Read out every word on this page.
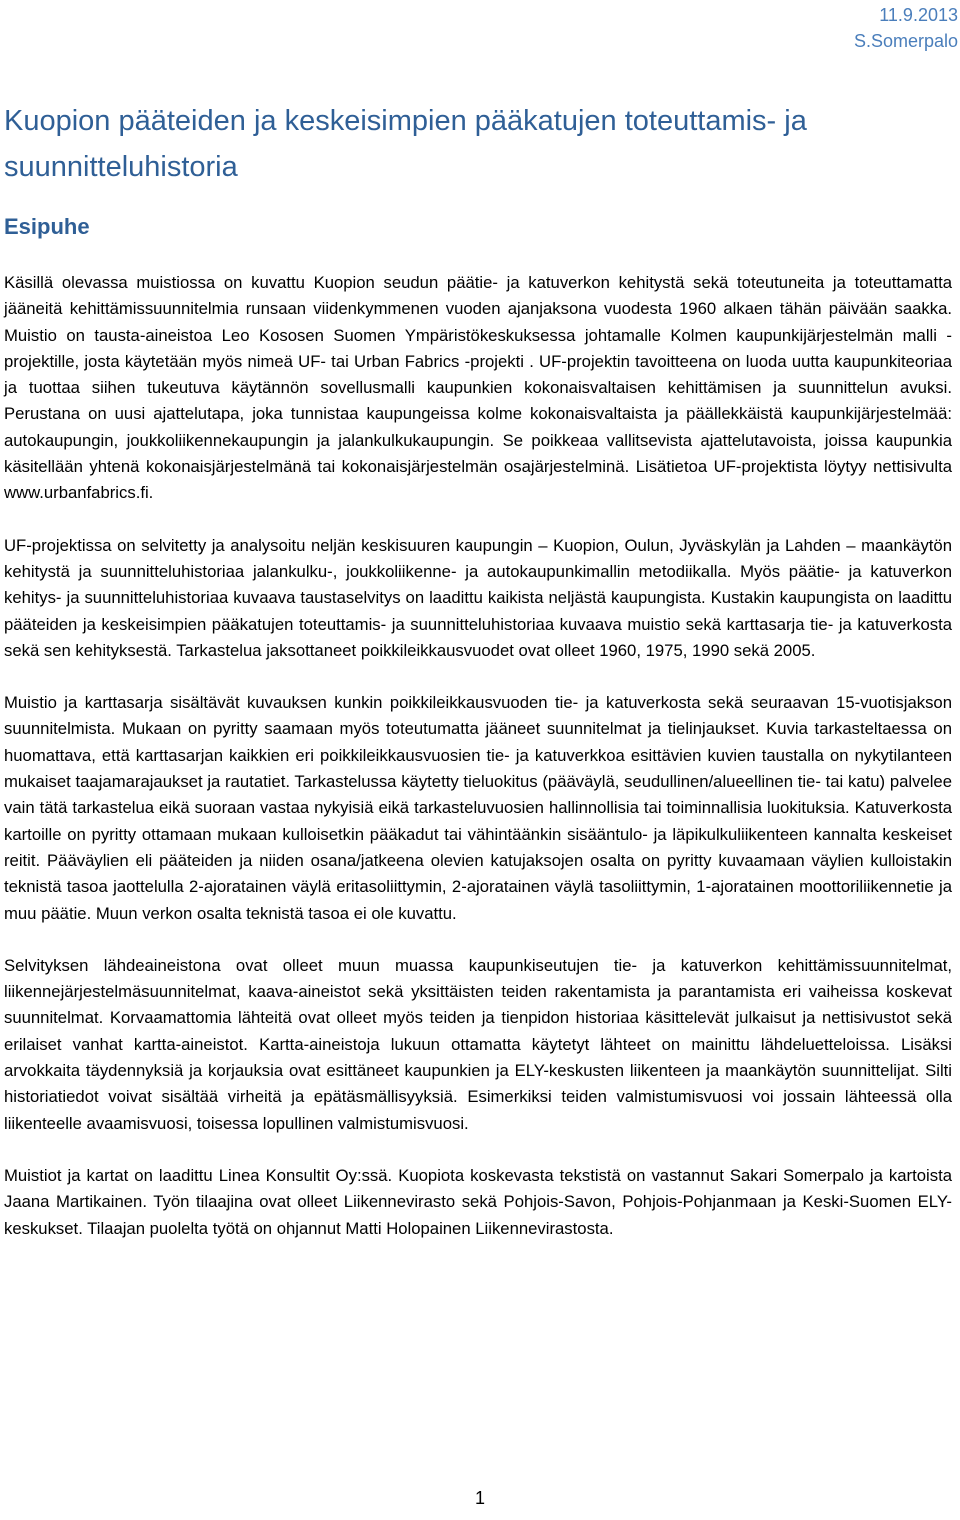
11.9.2013
S.Somerpalo
Kuopion pääteiden ja keskeisimpien pääkatujen toteuttamis- ja suunnitteluhistoria
Esipuhe

Käsillä olevassa muistiossa on kuvattu Kuopion seudun päätie- ja katuverkon kehitystä sekä toteutuneita ja toteuttamatta jääneitä kehittämissuunnitelmia runsaan viidenkymmenen vuoden ajanjaksona vuodesta 1960 alkaen tähän päivään saakka. Muistio on tausta-aineistoa Leo Kososen Suomen Ympäristökeskuksessa johtamalle Kolmen kaupunkijärjestelmän malli -projektille, josta käytetään myös nimeä UF- tai Urban Fabrics -projekti . UF-projektin tavoitteena on luoda uutta kaupunkiteoriaa ja tuottaa siihen tukeutuva käytännön sovellusmalli kaupunkien kokonaisvaltaisen kehittämisen ja suunnittelun avuksi. Perustana on uusi ajattelutapa, joka tunnistaa kaupungeissa kolme kokonaisvaltaista ja päällekkäistä kaupunkijärjestelmää: autokaupungin, joukkoliikennekaupungin ja jalankulkukaupungin. Se poikkeaa vallitsevista ajattelutavoista, joissa kaupunkia käsitellään yhtenä kokonaisjärjestelmänä tai kokonaisjärjestelmän osajärjestelminä. Lisätietoa UF-projektista löytyy nettisivulta www.urbanfabrics.fi.

UF-projektissa on selvitetty ja analysoitu neljän keskisuuren kaupungin – Kuopion, Oulun, Jyväskylän ja Lahden – maankäytön kehitystä ja suunnitteluhistoriaa jalankulku-, joukkoliikenne- ja autokaupunkimallin metodiikalla. Myös päätie- ja katuverkon kehitys- ja suunnitteluhistoriaa kuvaava taustaselvitys on laadittu kaikista neljästä kaupungista. Kustakin kaupungista on laadittu pääteiden ja keskeisimpien pääkatujen toteuttamis- ja suunnitteluhistoriaa kuvaava muistio sekä karttasarja tie- ja katuverkosta sekä sen kehityksestä. Tarkastelua jaksottaneet poikkileikkausvuodet ovat olleet 1960, 1975, 1990 sekä 2005.

Muistio ja karttasarja sisältävät kuvauksen kunkin poikkileikkausvuoden tie- ja katuverkosta sekä seuraavan 15-vuotisjakson suunnitelmista. Mukaan on pyritty saamaan myös toteutumatta jääneet suunnitelmat ja tielinjaukset. Kuvia tarkasteltaessa on huomattava, että karttasarjan kaikkien eri poikkileikkausvuosien tie- ja katuverkkoa esittävien kuvien taustalla on nykytilanteen mukaiset taajamarajaukset ja rautatiet. Tarkastelussa käytetty tieluokitus (pääväylä, seudullinen/alueellinen tie- tai katu) palvelee vain tätä tarkastelua eikä suoraan vastaa nykyisiä eikä tarkasteluvuosien hallinnollisia tai toiminnallisia luokituksia. Katuverkosta kartoille on pyritty ottamaan mukaan kulloisetkin pääkadut tai vähintäänkin sisääntulo- ja läpikulkuliikenteen kannalta keskeiset reitit. Pääväylien eli pääteiden ja niiden osana/jatkeena olevien katujaksojen osalta on pyritty kuvaamaan väylien kulloistakin teknistä tasoa jaottelulla 2-ajoratainen väylä eritasoliittymin, 2-ajoratainen väylä tasoliittymin, 1-ajoratainen moottoriliikennetie ja muu päätie. Muun verkon osalta teknistä tasoa ei ole kuvattu.

Selvityksen lähdeaineistona ovat olleet muun muassa kaupunkiseutujen tie- ja katuverkon kehittämissuunnitelmat, liikennejärjestelmäsuunnitelmat, kaava-aineistot sekä yksittäisten teiden rakentamista ja parantamista eri vaiheissa koskevat suunnitelmat. Korvaamattomia lähteitä ovat olleet myös teiden ja tienpidon historiaa käsittelevät julkaisut ja nettisivustot sekä erilaiset vanhat kartta-aineistot. Kartta-aineistoja lukuun ottamatta käytetyt lähteet on mainittu lähdeluetteloissa. Lisäksi arvokkaita täydennyksiä ja korjauksia ovat esittäneet kaupunkien ja ELY-keskusten liikenteen ja maankäytön suunnittelijat. Silti historiatiedot voivat sisältää virheitä ja epätäsmällisyyksiä. Esimerkiksi teiden valmistumisvuosi voi jossain lähteessä olla liikenteelle avaamisvuosi, toisessa lopullinen valmistumisvuosi.

Muistiot ja kartat on laadittu Linea Konsultit Oy:ssä. Kuopiota koskevasta tekstistä on vastannut Sakari Somerpalo ja kartoista Jaana Martikainen. Työn tilaajina ovat olleet Liikennevirasto sekä Pohjois-Savon, Pohjois-Pohjanmaan ja Keski-Suomen ELY-keskukset. Tilaajan puolelta työtä on ohjannut Matti Holopainen Liikennevirastosta.

1
